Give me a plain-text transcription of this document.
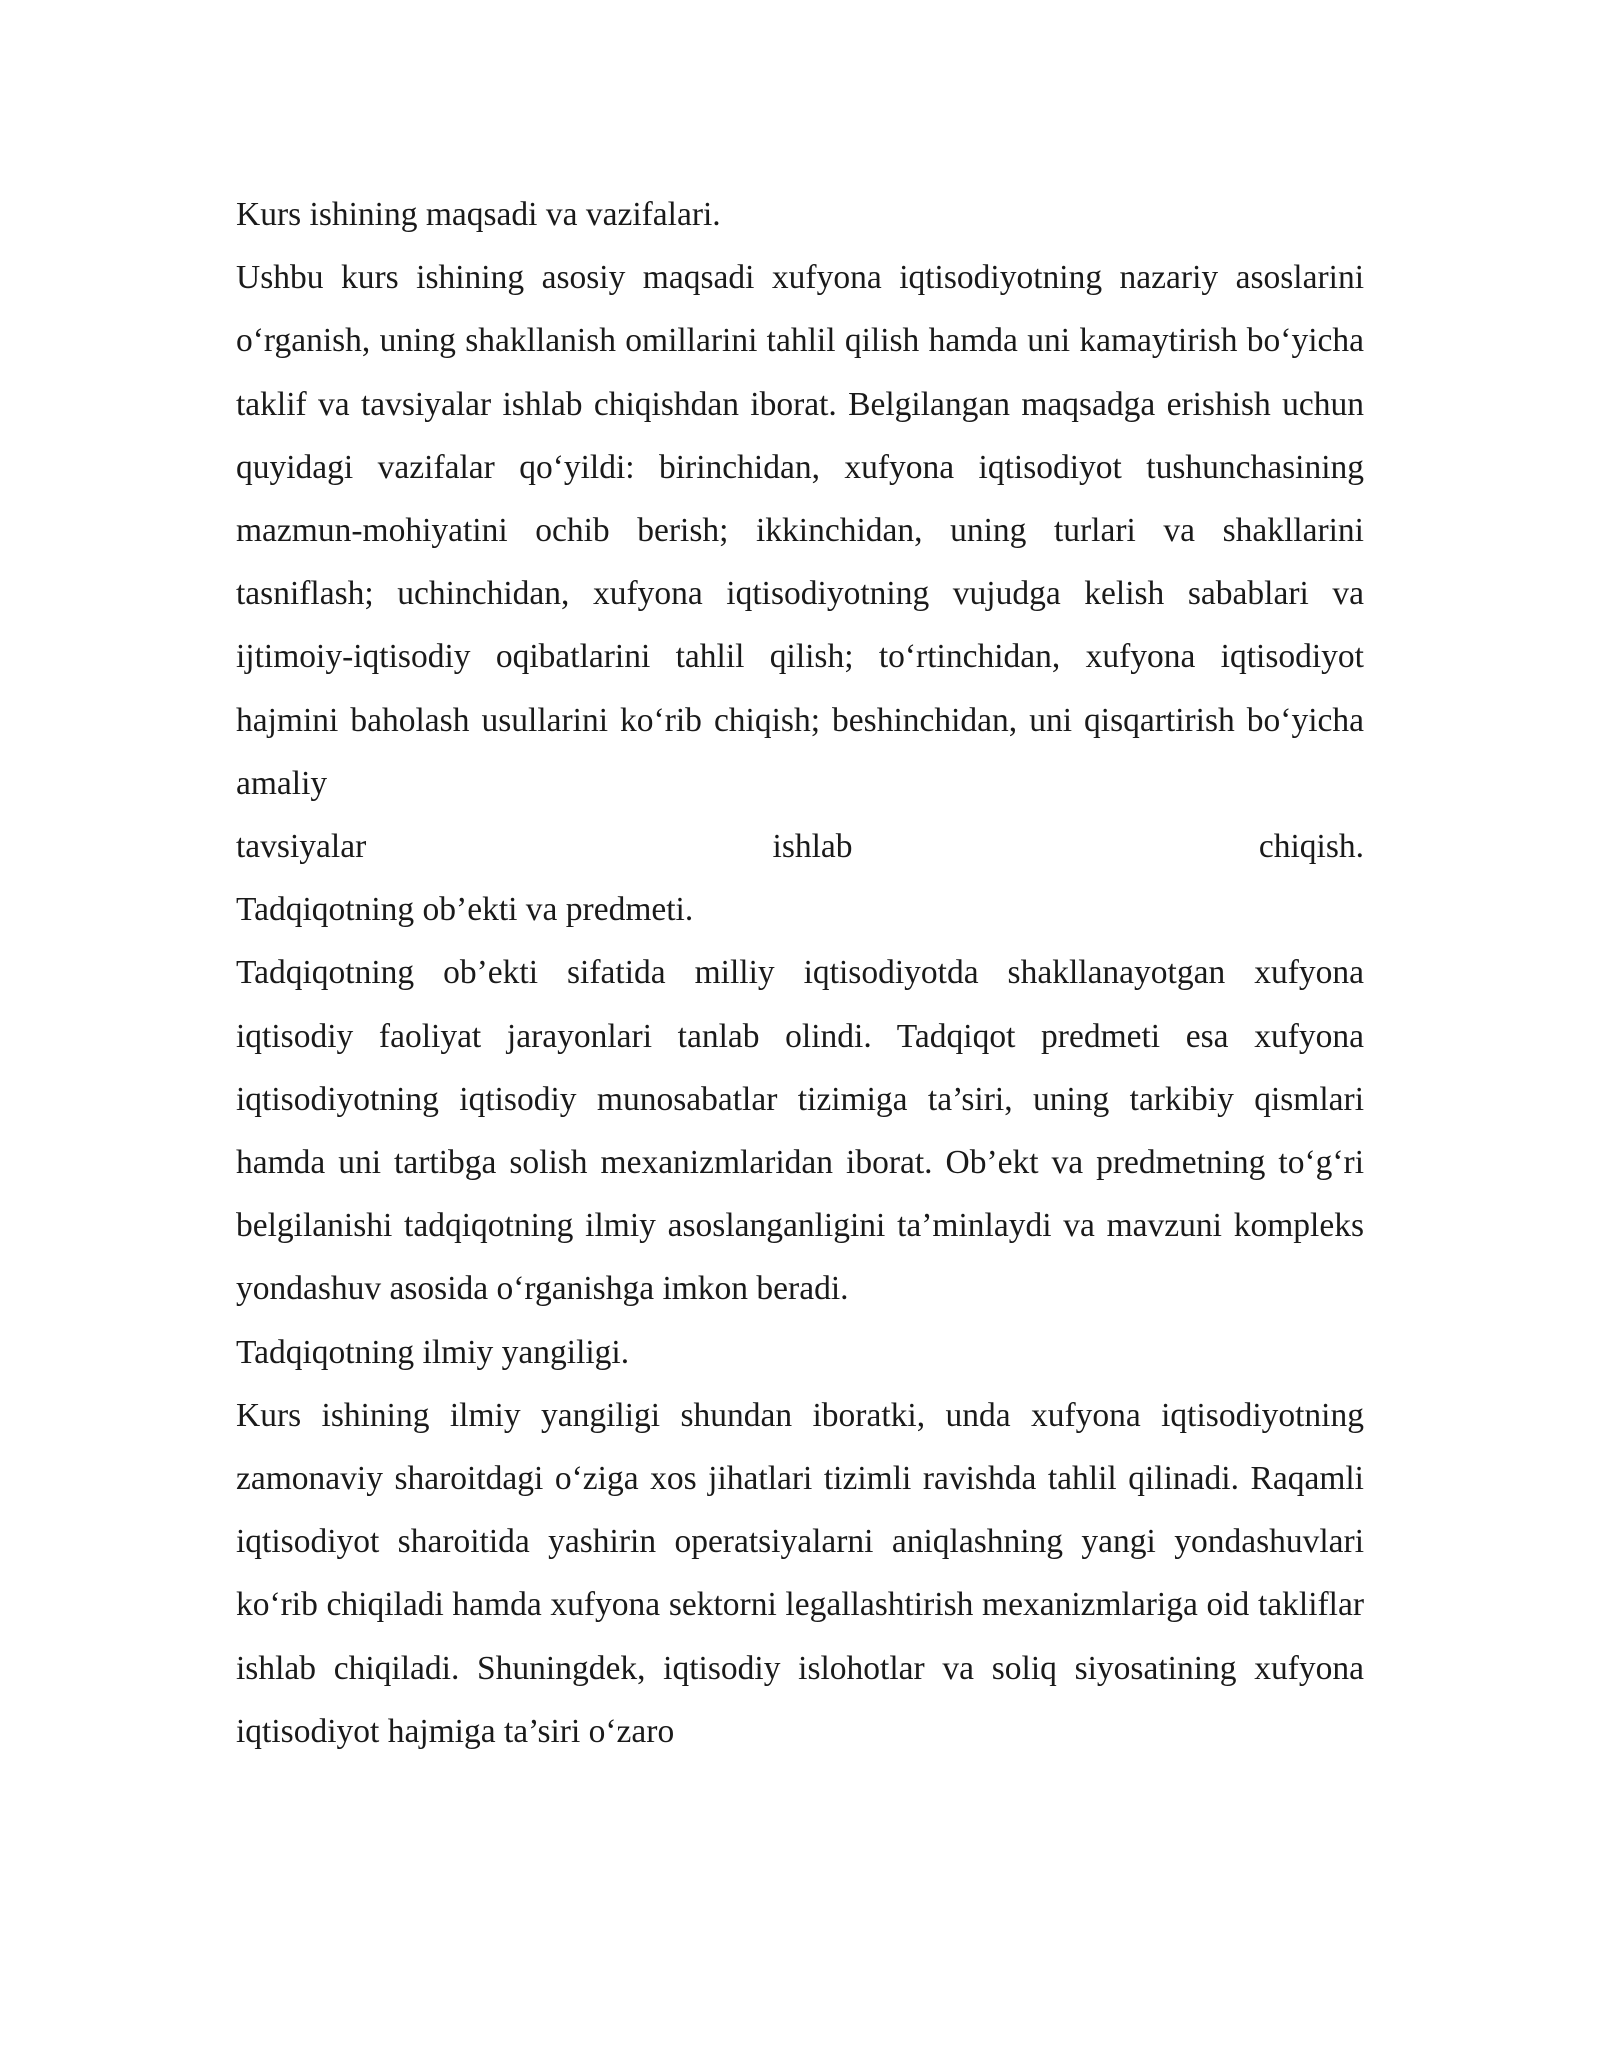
Kurs ishining maqsadi va vazifalari.

Ushbu kurs ishining asosiy maqsadi xufyona iqtisodiyotning nazariy asoslarini o‘rganish, uning shakllanish omillarini tahlil qilish hamda uni kamaytirish bo‘yicha taklif va tavsiyalar ishlab chiqishdan iborat. Belgilangan maqsadga erishish uchun quyidagi vazifalar qo‘yildi: birinchidan, xufyona iqtisodiyot tushunchasining mazmun-mohiyatini ochib berish; ikkinchidan, uning turlari va shakllarini tasniflash; uchinchidan, xufyona iqtisodiyotning vujudga kelish sabablari va ijtimoiy-iqtisodiy oqibatlarini tahlil qilish; to‘rtinchidan, xufyona iqtisodiyot hajmini baholash usullarini ko‘rib chiqish; beshinchidan, uni qisqartirish bo‘yicha amaliy
tavsiyalar ishlab chiqish.

Tadqiqotning ob’ekti va predmeti.

Tadqiqotning ob’ekti sifatida milliy iqtisodiyotda shakllanayotgan xufyona iqtisodiy faoliyat jarayonlari tanlab olindi. Tadqiqot predmeti esa xufyona iqtisodiyotning iqtisodiy munosabatlar tizimiga ta’siri, uning tarkibiy qismlari hamda uni tartibga solish mexanizmlaridan iborat. Ob’ekt va predmetning to‘g‘ri belgilanishi tadqiqotning ilmiy asoslanganligini ta’minlaydi va mavzuni kompleks yondashuv asosida o‘rganishga imkon beradi.

Tadqiqotning ilmiy yangiligi.

Kurs ishining ilmiy yangiligi shundan iboratki, unda xufyona iqtisodiyotning zamonaviy sharoitdagi o‘ziga xos jihatlari tizimli ravishda tahlil qilinadi. Raqamli iqtisodiyot sharoitida yashirin operatsiyalarni aniqlashning yangi yondashuvlari ko‘rib chiqiladi hamda xufyona sektorni legallashtirish mexanizmlariga oid takliflar ishlab chiqiladi. Shuningdek, iqtisodiy islohotlar va soliq siyosatining xufyona iqtisodiyot hajmiga ta’siri o‘zaro
